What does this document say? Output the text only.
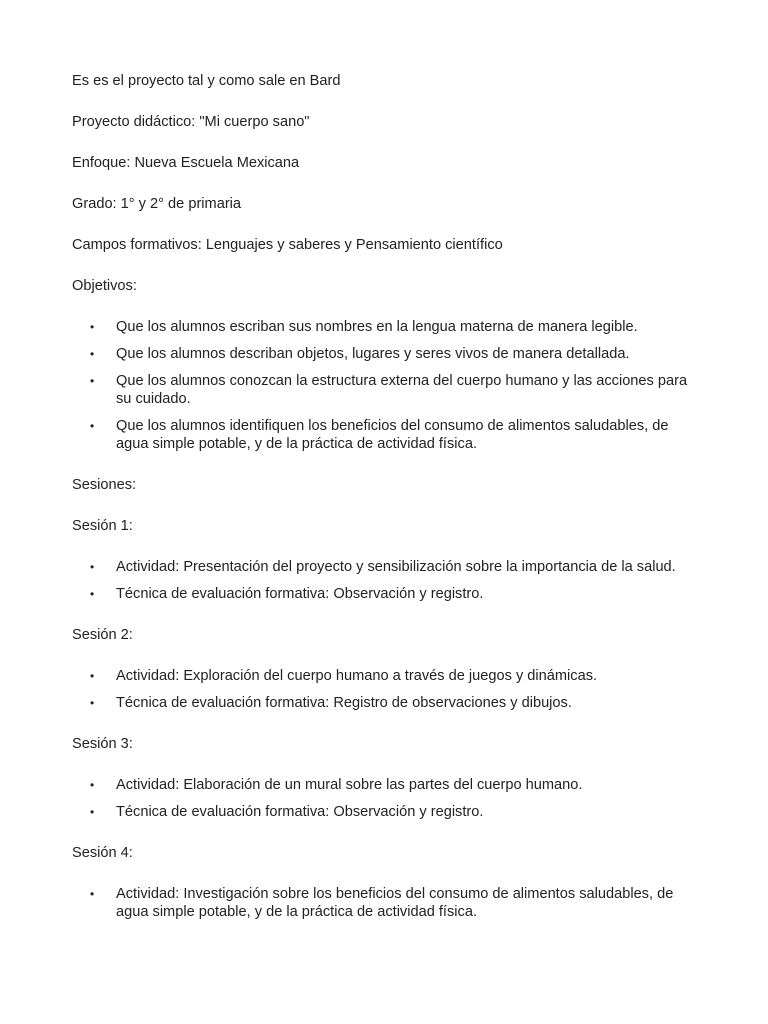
Es es el proyecto tal y como sale en Bard

Proyecto didáctico: "Mi cuerpo sano"

Enfoque: Nueva Escuela Mexicana

Grado: 1° y 2° de primaria

Campos formativos: Lenguajes y saberes y Pensamiento científico

Objetivos:

• Que los alumnos escriban sus nombres en la lengua materna de manera legible.
• Que los alumnos describan objetos, lugares y seres vivos de manera detallada.
• Que los alumnos conozcan la estructura externa del cuerpo humano y las acciones para su cuidado.
• Que los alumnos identifiquen los beneficios del consumo de alimentos saludables, de agua simple potable, y de la práctica de actividad física.

Sesiones:

Sesión 1:

• Actividad: Presentación del proyecto y sensibilización sobre la importancia de la salud.
• Técnica de evaluación formativa: Observación y registro.

Sesión 2:

• Actividad: Exploración del cuerpo humano a través de juegos y dinámicas.
• Técnica de evaluación formativa: Registro de observaciones y dibujos.

Sesión 3:

• Actividad: Elaboración de un mural sobre las partes del cuerpo humano.
• Técnica de evaluación formativa: Observación y registro.

Sesión 4:

• Actividad: Investigación sobre los beneficios del consumo de alimentos saludables, de agua simple potable, y de la práctica de actividad física.
